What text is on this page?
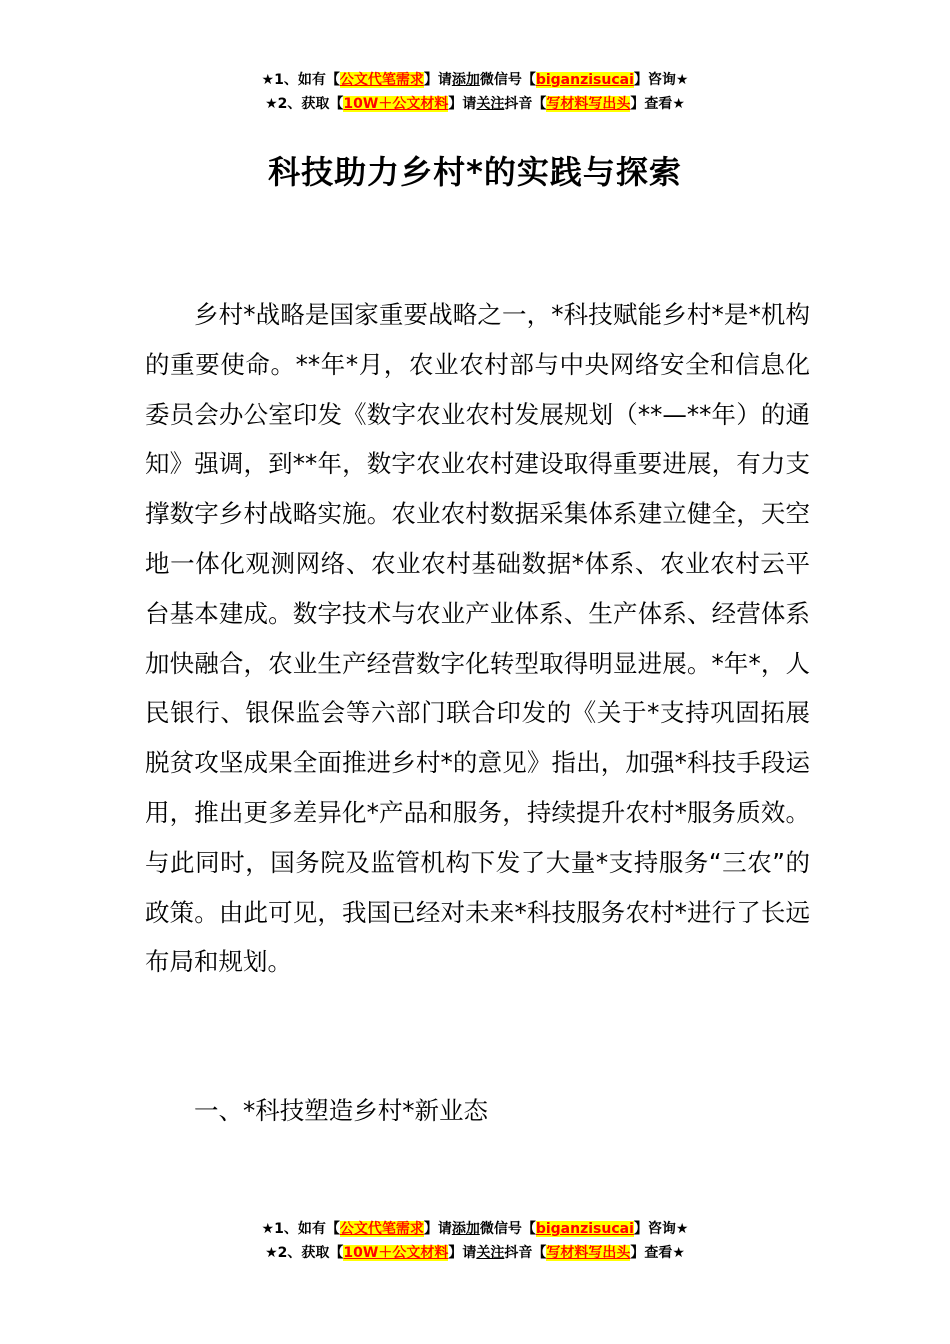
★1、如有【公文代笔需求】请添加微信号【biganzisucai】咨询★
★2、获取【10W＋公文材料】请关注抖音【写材料写出头】查看★
科技助力乡村*的实践与探索

乡村*战略是国家重要战略之一，*科技赋能乡村*是*机构的重要使命。**年*月，农业农村部与中央网络安全和信息化委员会办公室印发《数字农业农村发展规划（**—**年）的通知》强调，到**年，数字农业农村建设取得重要进展，有力支撑数字乡村战略实施。农业农村数据采集体系建立健全，天空地一体化观测网络、农业农村基础数据*体系、农业农村云平台基本建成。数字技术与农业产业体系、生产体系、经营体系加快融合，农业生产经营数字化转型取得明显进展。*年*，人民银行、银保监会等六部门联合印发的《关于*支持巩固拓展脱贫攻坚成果全面推进乡村*的意见》指出，加强*科技手段运用，推出更多差异化*产品和服务，持续提升农村*服务质效。与此同时，国务院及监管机构下发了大量*支持服务“三农”的政策。由此可见，我国已经对未来*科技服务农村*进行了长远布局和规划。

一、*科技塑造乡村*新业态

★1、如有【公文代笔需求】请添加微信号【biganzisucai】咨询★
★2、获取【10W＋公文材料】请关注抖音【写材料写出头】查看★
